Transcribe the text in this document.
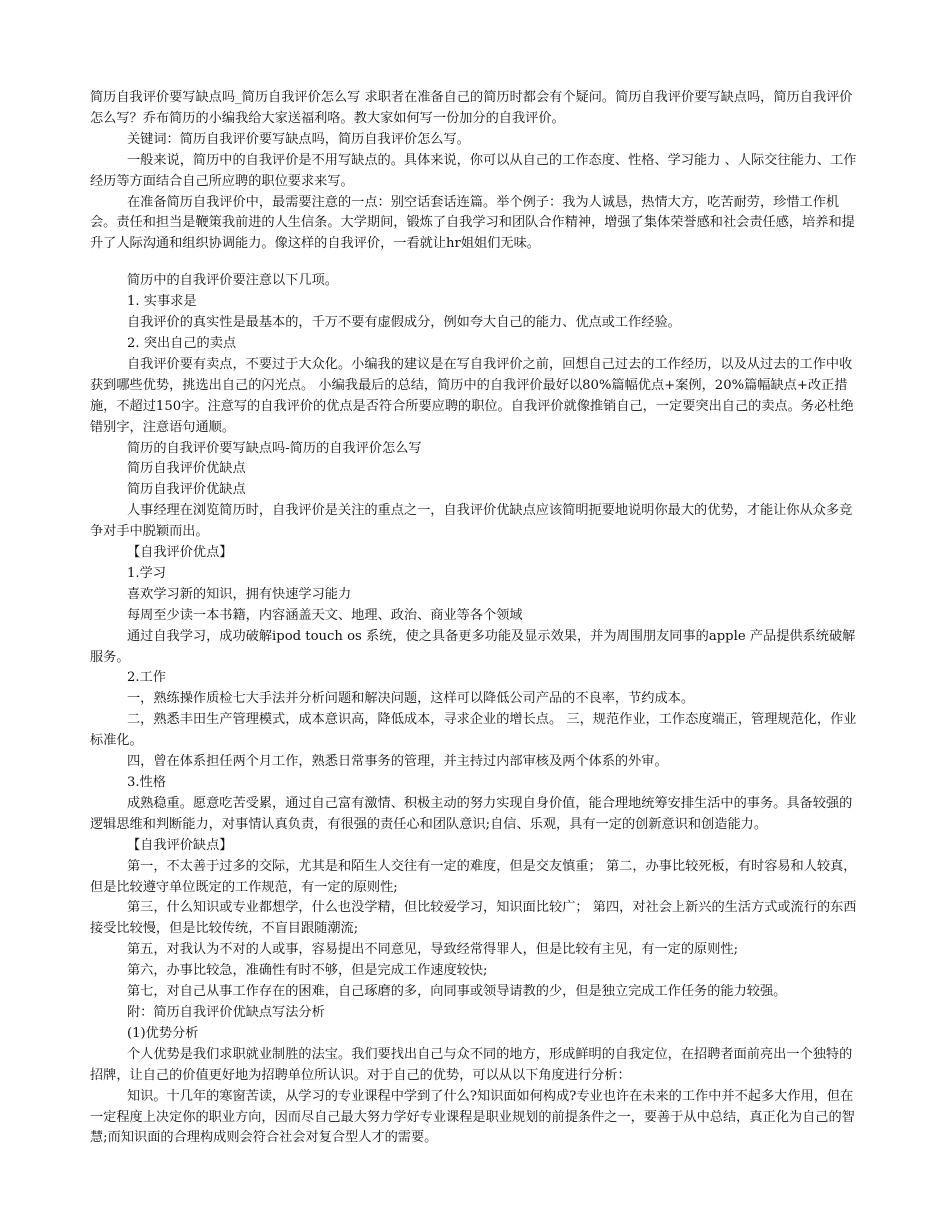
简历自我评价要写缺点吗_简历自我评价怎么写 求职者在准备自己的简历时都会有个疑问。简历自我评价要写缺点吗，简历自我评价怎么写？乔布简历的小编我给大家送福利咯。教大家如何写一份加分的自我评价。

关键词：简历自我评价要写缺点吗，简历自我评价怎么写。

一般来说，简历中的自我评价是不用写缺点的。具体来说，你可以从自己的工作态度、性格、学习能力 、人际交往能力、工作经历等方面结合自己所应聘的职位要求来写。

在准备简历自我评价中，最需要注意的一点：别空话套话连篇。举个例子：我为人诚恳，热情大方，吃苦耐劳，珍惜工作机会。责任和担当是鞭策我前进的人生信条。大学期间，锻炼了自我学习和团队合作精神，增强了集体荣誉感和社会责任感，培养和提升了人际沟通和组织协调能力。像这样的自我评价，一看就让hr姐姐们无味。

简历中的自我评价要注意以下几项。

1. 实事求是

自我评价的真实性是最基本的，千万不要有虚假成分，例如夸大自己的能力、优点或工作经验。

2. 突出自己的卖点

自我评价要有卖点，不要过于大众化。小编我的建议是在写自我评价之前，回想自己过去的工作经历，以及从过去的工作中收获到哪些优势，挑选出自己的闪光点。 小编我最后的总结，简历中的自我评价最好以80%篇幅优点+案例，20%篇幅缺点+改正措施，不超过150字。注意写的自我评价的优点是否符合所要应聘的职位。自我评价就像推销自己，一定要突出自己的卖点。务必杜绝错别字，注意语句通顺。

简历的自我评价要写缺点吗-简历的自我评价怎么写

简历自我评价优缺点

简历自我评价优缺点

人事经理在浏览简历时，自我评价是关注的重点之一，自我评价优缺点应该简明扼要地说明你最大的优势，才能让你从众多竞争对手中脱颖而出。

【自我评价优点】

1.学习

喜欢学习新的知识，拥有快速学习能力

每周至少读一本书籍，内容涵盖天文、地理、政治、商业等各个领域

通过自我学习，成功破解ipod touch os 系统，使之具备更多功能及显示效果，并为周围朋友同事的apple 产品提供系统破解服务。

2.工作

一，熟练操作质检七大手法并分析问题和解决问题，这样可以降低公司产品的不良率，节约成本。

二，熟悉丰田生产管理模式，成本意识高，降低成本，寻求企业的增长点。 三，规范作业，工作态度端正，管理规范化，作业标准化。

四，曾在体系担任两个月工作，熟悉日常事务的管理，并主持过内部审核及两个体系的外审。

3.性格

成熟稳重。愿意吃苦受累，通过自己富有激情、积极主动的努力实现自身价值，能合理地统筹安排生活中的事务。具备较强的逻辑思维和判断能力，对事情认真负责，有很强的责任心和团队意识;自信、乐观，具有一定的创新意识和创造能力。

【自我评价缺点】

第一，不太善于过多的交际，尤其是和陌生人交往有一定的难度，但是交友慎重； 第二，办事比较死板，有时容易和人较真，但是比较遵守单位既定的工作规范，有一定的原则性;

第三，什么知识或专业都想学，什么也没学精，但比较爱学习，知识面比较广； 第四，对社会上新兴的生活方式或流行的东西接受比较慢，但是比较传统，不盲目跟随潮流;

第五，对我认为不对的人或事，容易提出不同意见，导致经常得罪人，但是比较有主见，有一定的原则性;

第六，办事比较急，准确性有时不够，但是完成工作速度较快;

第七，对自己从事工作存在的困难，自己琢磨的多，向同事或领导请教的少，但是独立完成工作任务的能力较强。

附：简历自我评价优缺点写法分析

(1)优势分析

个人优势是我们求职就业制胜的法宝。我们要找出自己与众不同的地方，形成鲜明的自我定位，在招聘者面前亮出一个独特的招牌，让自己的价值更好地为招聘单位所认识。对于自己的优势，可以从以下角度进行分析：

知识。十几年的寒窗苦读，从学习的专业课程中学到了什么?知识面如何构成?专业也许在未来的工作中并不起多大作用，但在一定程度上决定你的职业方向，因而尽自己最大努力学好专业课程是职业规划的前提条件之一，要善于从中总结，真正化为自己的智慧;而知识面的合理构成则会符合社会对复合型人才的需要。
